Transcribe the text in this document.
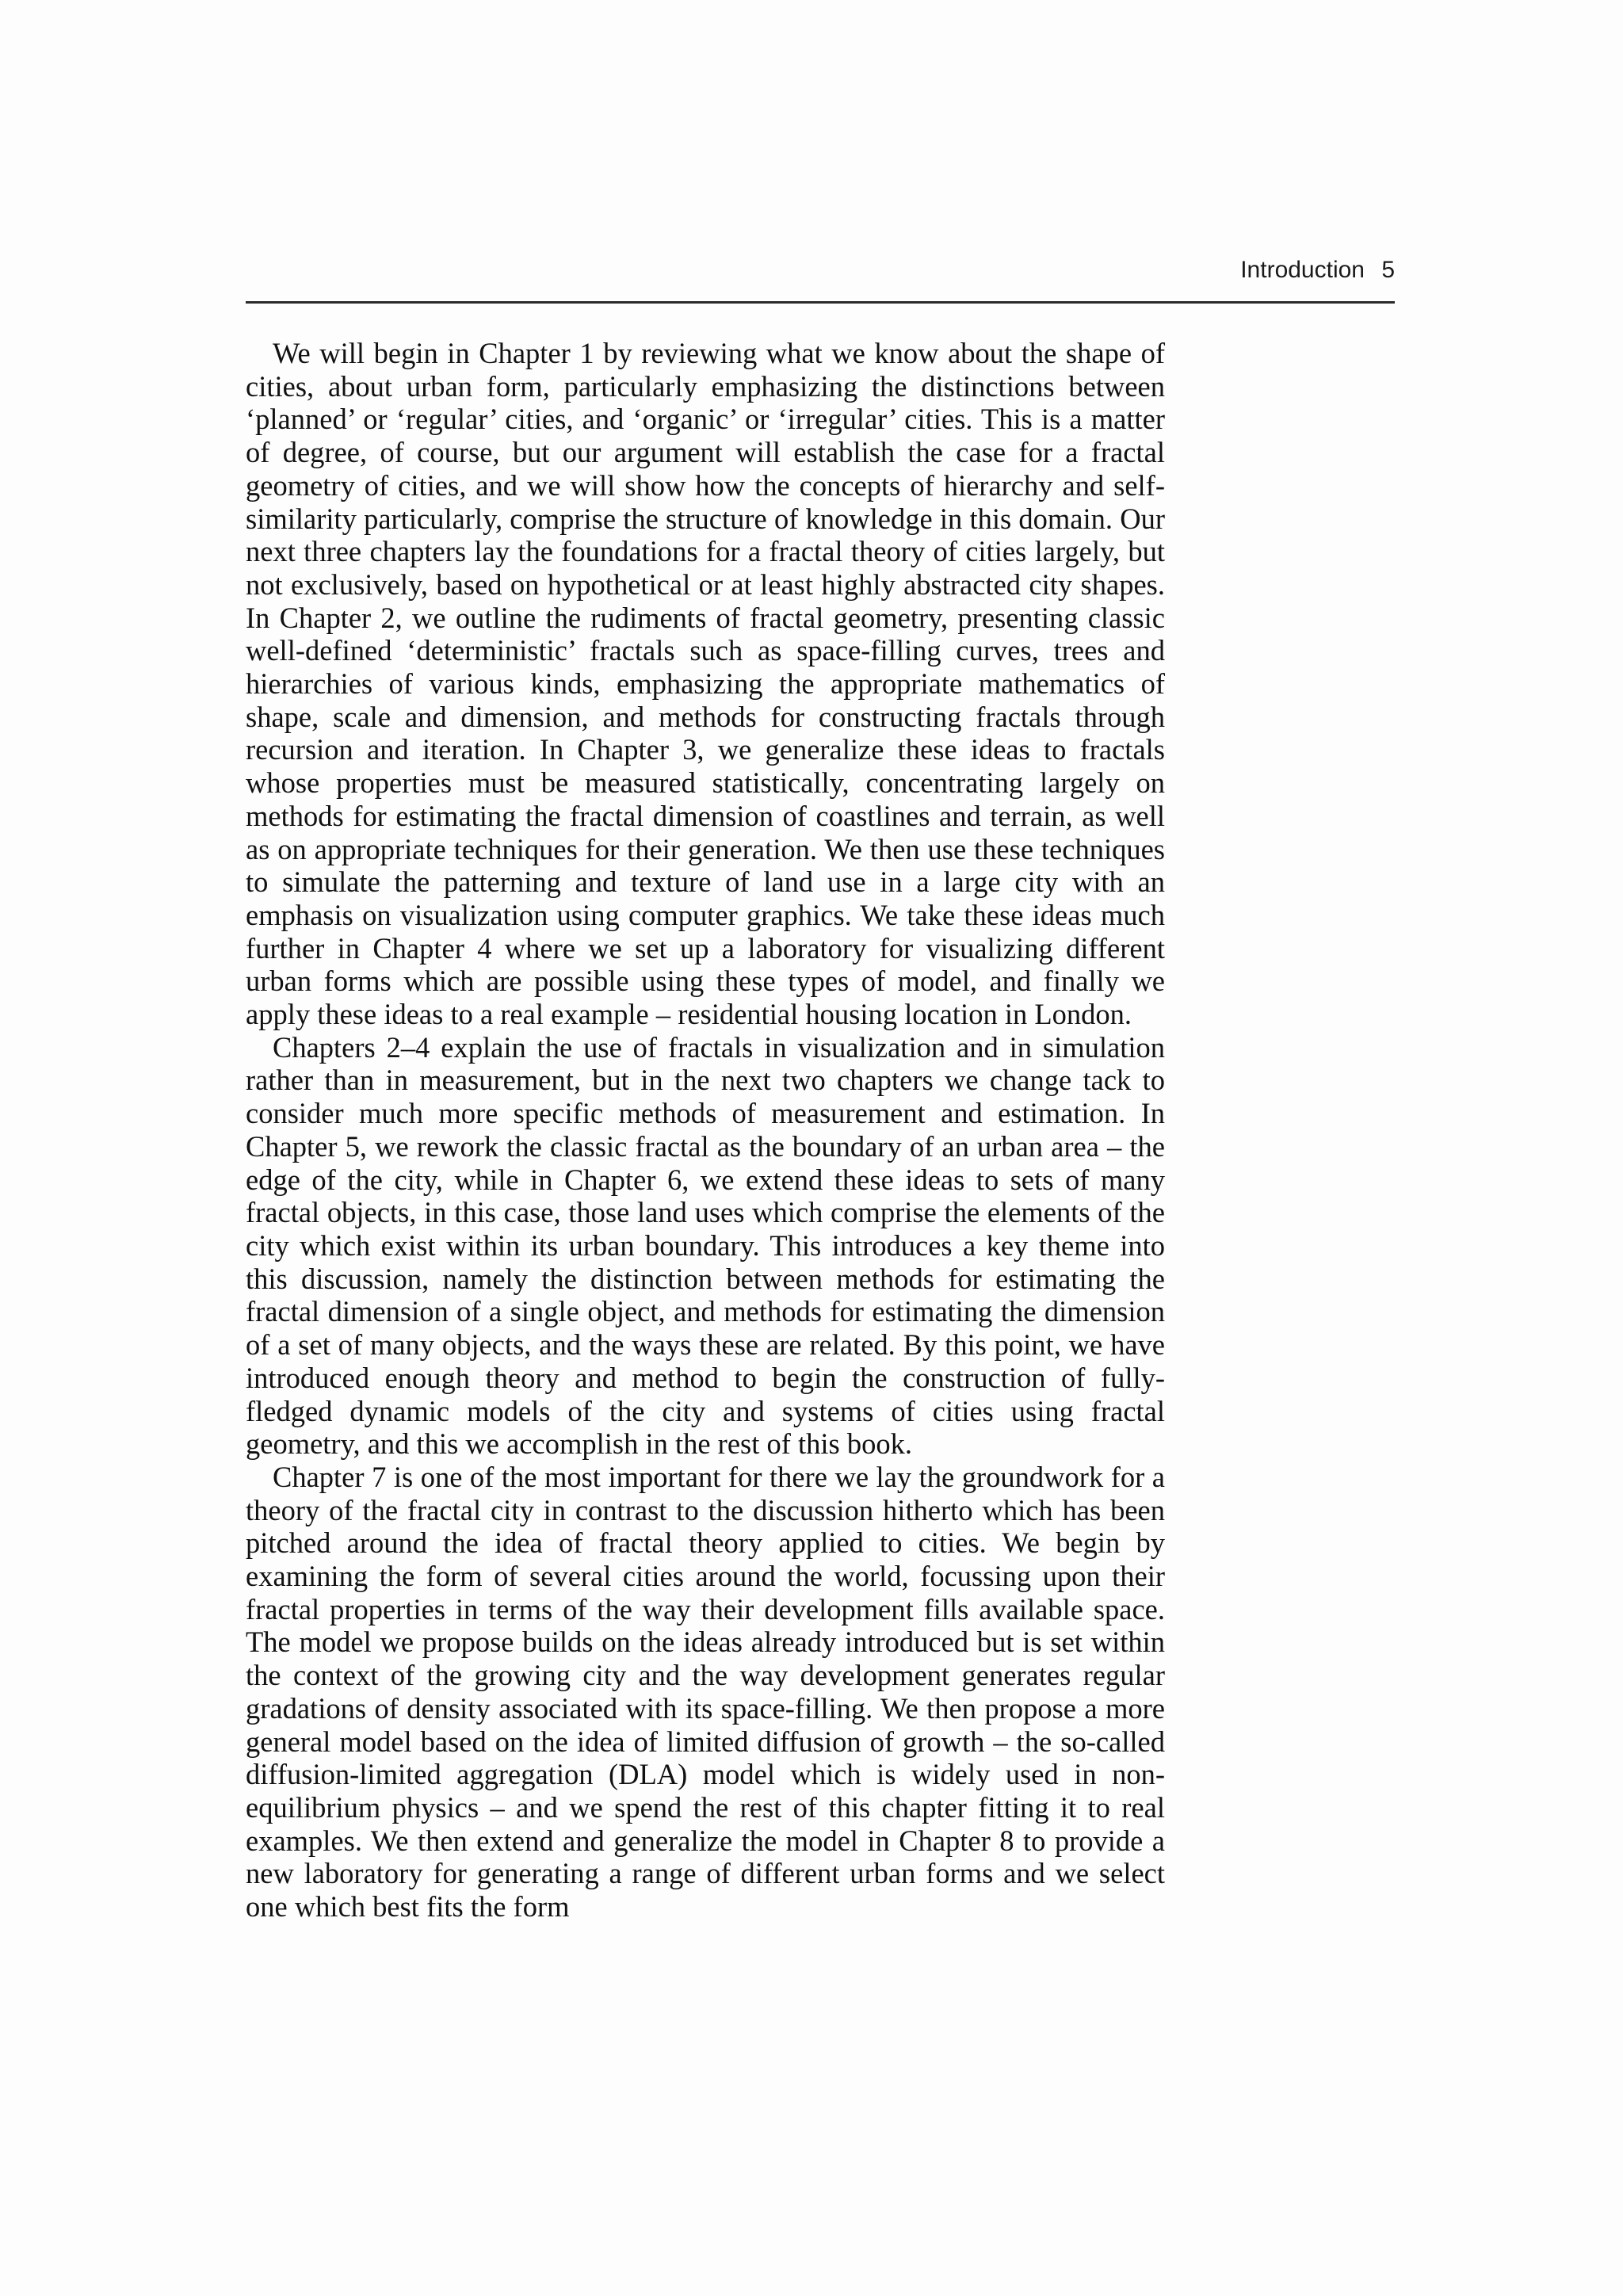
Introduction 5

We will begin in Chapter 1 by reviewing what we know about the shape of cities, about urban form, particularly emphasizing the distinctions between ‘planned’ or ‘regular’ cities, and ‘organic’ or ‘irregular’ cities. This is a matter of degree, of course, but our argument will establish the case for a fractal geometry of cities, and we will show how the concepts of hierarchy and self-similarity particularly, comprise the structure of knowledge in this domain. Our next three chapters lay the foundations for a fractal theory of cities largely, but not exclusively, based on hypothetical or at least highly abstracted city shapes. In Chapter 2, we outline the rudiments of fractal geometry, presenting classic well-defined ‘deterministic’ fractals such as space-filling curves, trees and hierarchies of various kinds, emphasizing the appropriate mathematics of shape, scale and dimension, and methods for constructing fractals through recursion and iteration. In Chapter 3, we generalize these ideas to fractals whose properties must be measured statistically, concentrating largely on methods for estimating the fractal dimension of coastlines and terrain, as well as on appropriate techniques for their generation. We then use these techniques to simulate the patterning and texture of land use in a large city with an emphasis on visualization using computer graphics. We take these ideas much further in Chapter 4 where we set up a laboratory for visualizing different urban forms which are possible using these types of model, and finally we apply these ideas to a real example – residential housing location in London.

Chapters 2–4 explain the use of fractals in visualization and in simulation rather than in measurement, but in the next two chapters we change tack to consider much more specific methods of measurement and estimation. In Chapter 5, we rework the classic fractal as the boundary of an urban area – the edge of the city, while in Chapter 6, we extend these ideas to sets of many fractal objects, in this case, those land uses which comprise the elements of the city which exist within its urban boundary. This introduces a key theme into this discussion, namely the distinction between methods for estimating the fractal dimension of a single object, and methods for estimating the dimension of a set of many objects, and the ways these are related. By this point, we have introduced enough theory and method to begin the construction of fully-fledged dynamic models of the city and systems of cities using fractal geometry, and this we accomplish in the rest of this book.

Chapter 7 is one of the most important for there we lay the groundwork for a theory of the fractal city in contrast to the discussion hitherto which has been pitched around the idea of fractal theory applied to cities. We begin by examining the form of several cities around the world, focussing upon their fractal properties in terms of the way their development fills available space. The model we propose builds on the ideas already introduced but is set within the context of the growing city and the way development generates regular gradations of density associated with its space-filling. We then propose a more general model based on the idea of limited diffusion of growth – the so-called diffusion-limited aggregation (DLA) model which is widely used in non-equilibrium physics – and we spend the rest of this chapter fitting it to real examples. We then extend and generalize the model in Chapter 8 to provide a new laboratory for generating a range of different urban forms and we select one which best fits the form
